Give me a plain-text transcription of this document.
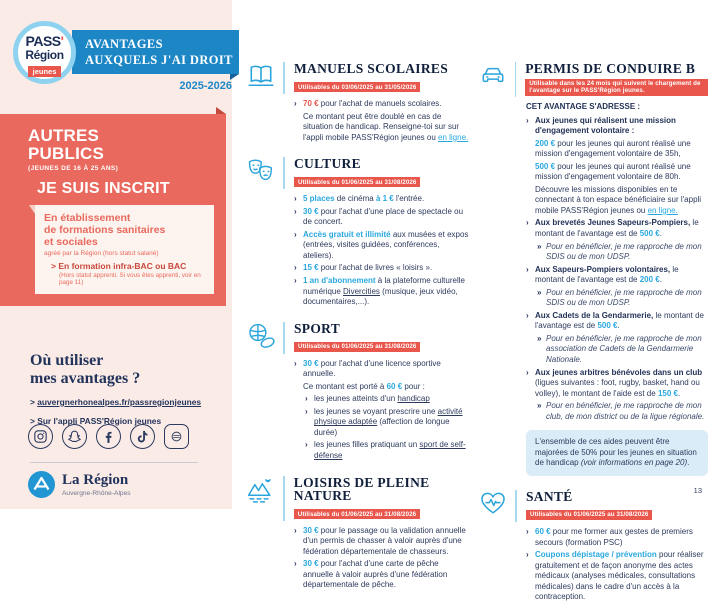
PASS'
Région
jeunes
AVANTAGES
AUXQUELS J'AI DROIT
2025-2026
AUTRES
PUBLICS
(JEUNES DE 16 À 25 ANS)
JE SUIS INSCRIT
En établissement
de formations sanitaires
et sociales
agréé par la Région (hors statut salarié)
> En formation infra-BAC ou BAC
(Hors statut apprenti. Si vous êtes apprenti, voir en page 11)
Où utiliser
mes avantages ?
> auvergnerhonealpes.fr/passregionjeunes
> Sur l'appli PASS'Région jeunes
La Région
Auvergne-Rhône-Alpes
MANUELS SCOLAIRES
Utilisables du 03/06/2025 au 31/05/2026
› 70 € pour l'achat de manuels scolaires.
Ce montant peut être doublé en cas de situation de handicap. Renseigne-toi sur sur l'appli mobile PASS'Région jeunes ou en ligne.
CULTURE
Utilisables du 01/06/2025 au 31/08/2026
› 5 places de cinéma à 1 € l'entrée.
› 30 € pour l'achat d'une place de spectacle ou de concert.
› Accès gratuit et illimité aux musées et expos (entrées, visites guidées, conférences, ateliers).
› 15 € pour l'achat de livres « loisirs ».
› 1 an d'abonnement à la plateforme culturelle numérique Divercities (musique, jeux vidéo, documentaires,...).
SPORT
Utilisables du 01/06/2025 au 31/08/2026
› 30 € pour l'achat d'une licence sportive annuelle.
Ce montant est porté à 60 € pour :
› les jeunes atteints d'un handicap
› les jeunes se voyant prescrire une activité physique adaptée (affection de longue durée)
› les jeunes filles pratiquant un sport de self-défense
LOISIRS DE PLEINE NATURE
Utilisables du 01/06/2025 au 31/08/2026
› 30 € pour le passage ou la validation annuelle d'un permis de chasser à valoir auprès d'une fédération départementale de chasseurs.
› 30 € pour l'achat d'une carte de pêche annuelle à valoir auprès d'une fédération départementale de pêche.
PERMIS DE CONDUIRE B
Utilisable dans les 24 mois qui suivent le chargement de l'avantage sur le PASS'Région jeunes.
CET AVANTAGE S'ADRESSE :
› Aux jeunes qui réalisent une mission d'engagement volontaire :
200 € pour les jeunes qui auront réalisé une mission d'engagement volontaire de 35h,
500 € pour les jeunes qui auront réalisé une mission d'engagement volontaire de 80h.
Découvre les missions disponibles en te connectant à ton espace bénéficiaire sur l'appli mobile PASS'Région jeunes ou en ligne.
› Aux brevetés Jeunes Sapeurs-Pompiers, le montant de l'avantage est de 500 €.
» Pour en bénéficier, je me rapproche de mon SDIS ou de mon UDSP.
› Aux Sapeurs-Pompiers volontaires, le montant de l'avantage est de 200 €.
» Pour en bénéficier, je me rapproche de mon SDIS ou de mon UDSP.
› Aux Cadets de la Gendarmerie, le montant de l'avantage est de 500 €.
» Pour en bénéficier, je me rapproche de mon association de Cadets de la Gendarmerie Nationale.
› Aux jeunes arbitres bénévoles dans un club (ligues suivantes : foot, rugby, basket, hand ou volley), le montant de l'aide est de 150 €.
» Pour en bénéficier, je me rapproche de mon club, de mon district ou de la ligue régionale.
L'ensemble de ces aides peuvent être majorées de 50% pour les jeunes en situation de handicap (voir informations en page 20).
SANTÉ
Utilisables du 01/06/2025 au 31/08/2026
› 60 € pour me former aux gestes de premiers secours (formation PSC)
› Coupons dépistage / prévention pour réaliser gratuitement et de façon anonyme des actes médicaux (analyses médicales, consultations médicales) dans le cadre d'un accès à la contraception.
13
